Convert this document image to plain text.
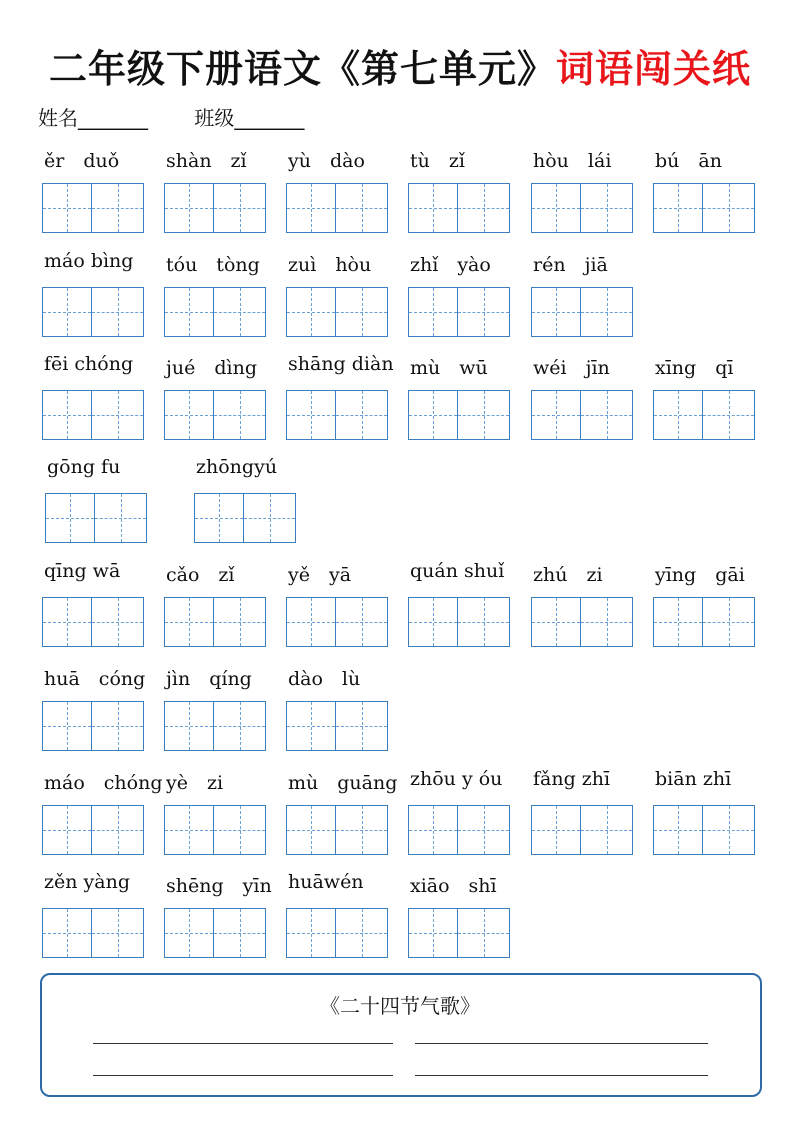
二年级下册语文《第七单元》词语闯关纸
姓名_______ 班级_______
ěr　duǒ shàn　zǐ yù　dào tù　zǐ	hòu　lái bú　ān
máo bìng tóu　tòng zuì　hòu zhǐ　yào rén　jiā
fēi chóng jué　dìng shāng diàn mù　wū wéi　jīn xīng　qī
gōng fu	zhōngyú
qīng wā cǎo　zǐ	yě　yā	quán shuǐ zhú　zi	yīng　gāi
huā　cóng jìn　qíng dào　lù
máo　chóng yè　zi	mù　guāng zhōu y óu fǎng zhī biān zhī
zěn yàng shēng　yīn huāwén xiāo　shī
《二十四节气歌》
